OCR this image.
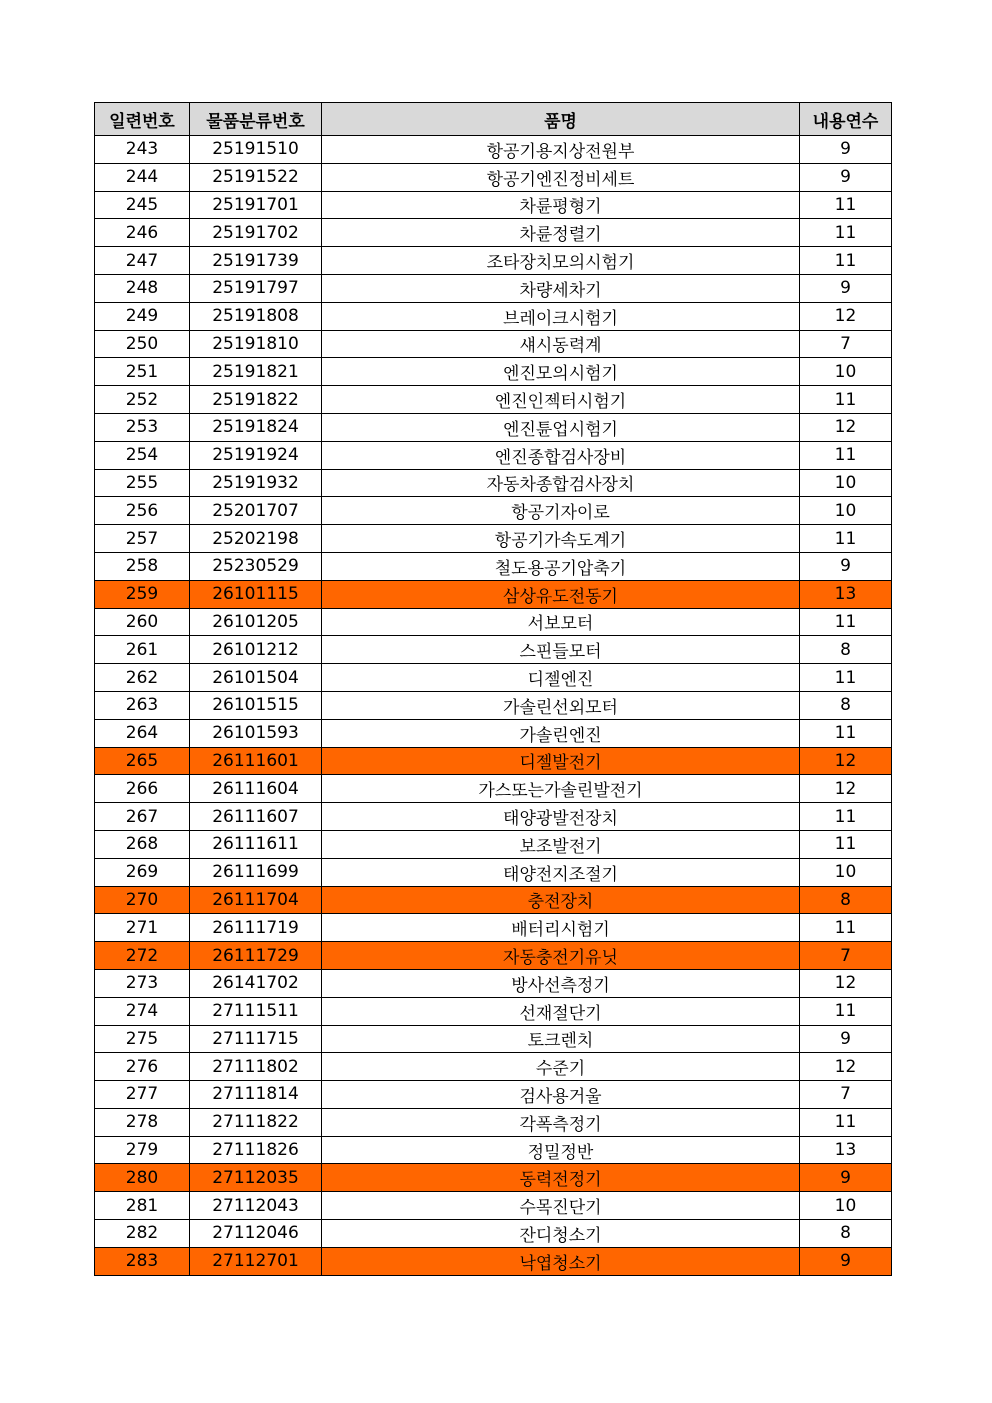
일련번호	물품분류번호	품명	내용연수
243	25191510	항공기용지상전원부	9
244	25191522	항공기엔진정비세트	9
245	25191701	차륜평형기	11
246	25191702	차륜정렬기	11
247	25191739	조타장치모의시험기	11
248	25191797	차량세차기	9
249	25191808	브레이크시험기	12
250	25191810	섀시동력계	7
251	25191821	엔진모의시험기	10
252	25191822	엔진인젝터시험기	11
253	25191824	엔진튠업시험기	12
254	25191924	엔진종합검사장비	11
255	25191932	자동차종합검사장치	10
256	25201707	항공기자이로	10
257	25202198	항공기가속도계기	11
258	25230529	철도용공기압축기	9
259	26101115	삼상유도전동기	13
260	26101205	서보모터	11
261	26101212	스핀들모터	8
262	26101504	디젤엔진	11
263	26101515	가솔린선외모터	8
264	26101593	가솔린엔진	11
265	26111601	디젤발전기	12
266	26111604	가스또는가솔린발전기	12
267	26111607	태양광발전장치	11
268	26111611	보조발전기	11
269	26111699	태양전지조절기	10
270	26111704	충전장치	8
271	26111719	배터리시험기	11
272	26111729	자동충전기유닛	7
273	26141702	방사선측정기	12
274	27111511	선재절단기	11
275	27111715	토크렌치	9
276	27111802	수준기	12
277	27111814	검사용거울	7
278	27111822	각폭측정기	11
279	27111826	정밀정반	13
280	27112035	동력전정기	9
281	27112043	수목진단기	10
282	27112046	잔디청소기	8
283	27112701	낙엽청소기	9
